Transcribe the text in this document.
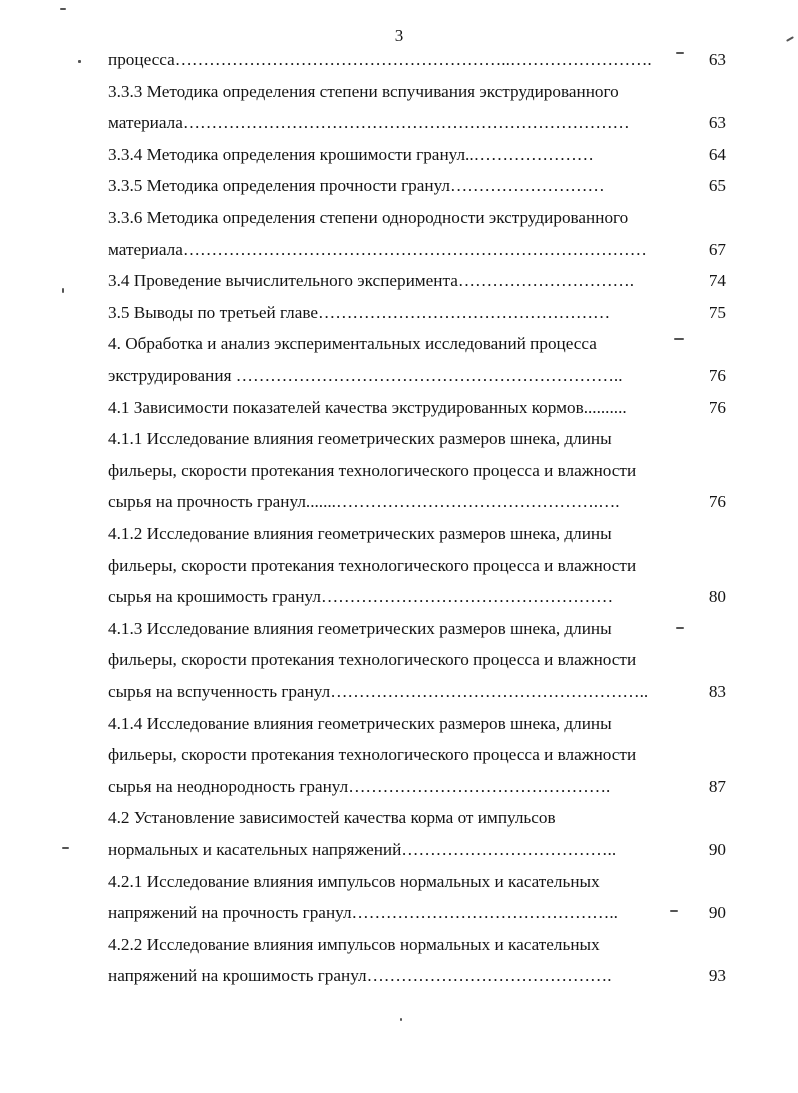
3
процесса…………………………………………………..…………………….	63
3.3.3 Методика определения степени вспучивания экструдированного
материала……………………………………………………………………	63
3.3.4 Методика определения крошимости гранул..…………………	64
3.3.5 Методика определения прочности гранул………………………	65
3.3.6 Методика определения степени однородности экструдированного
материала………………………………………………………………………	67
3.4 Проведение вычислительного эксперимента………………………….	74
3.5 Выводы по третьей главе……………………………………………	75
4. Обработка и анализ экспериментальных исследований процесса
экструдирования …………………………………………………………..	76
4.1 Зависимости показателей качества экструдированных кормов..........	76
4.1.1 Исследование влияния геометрических размеров шнека, длины
фильеры, скорости протекания технологического процесса и влажности
сырья на прочность гранул.......……………………………………….….	76
4.1.2 Исследование влияния геометрических размеров шнека, длины
фильеры, скорости протекания технологического процесса и влажности
сырья на крошимость гранул……………………………………………	80
4.1.3 Исследование влияния геометрических размеров шнека, длины
фильеры, скорости протекания технологического процесса и влажности
сырья на вспученность гранул………………………………………………..	83
4.1.4 Исследование влияния геометрических размеров шнека, длины
фильеры, скорости протекания технологического процесса и влажности
сырья на неоднородность гранул……………………………………….	87
4.2 Установление зависимостей качества корма от импульсов
нормальных и касательных напряжений………………………………..	90
4.2.1 Исследование влияния импульсов нормальных и касательных
напряжений на прочность гранул………………………………………..	90
4.2.2 Исследование влияния импульсов нормальных и касательных
напряжений на крошимость гранул…………………………………….	93
